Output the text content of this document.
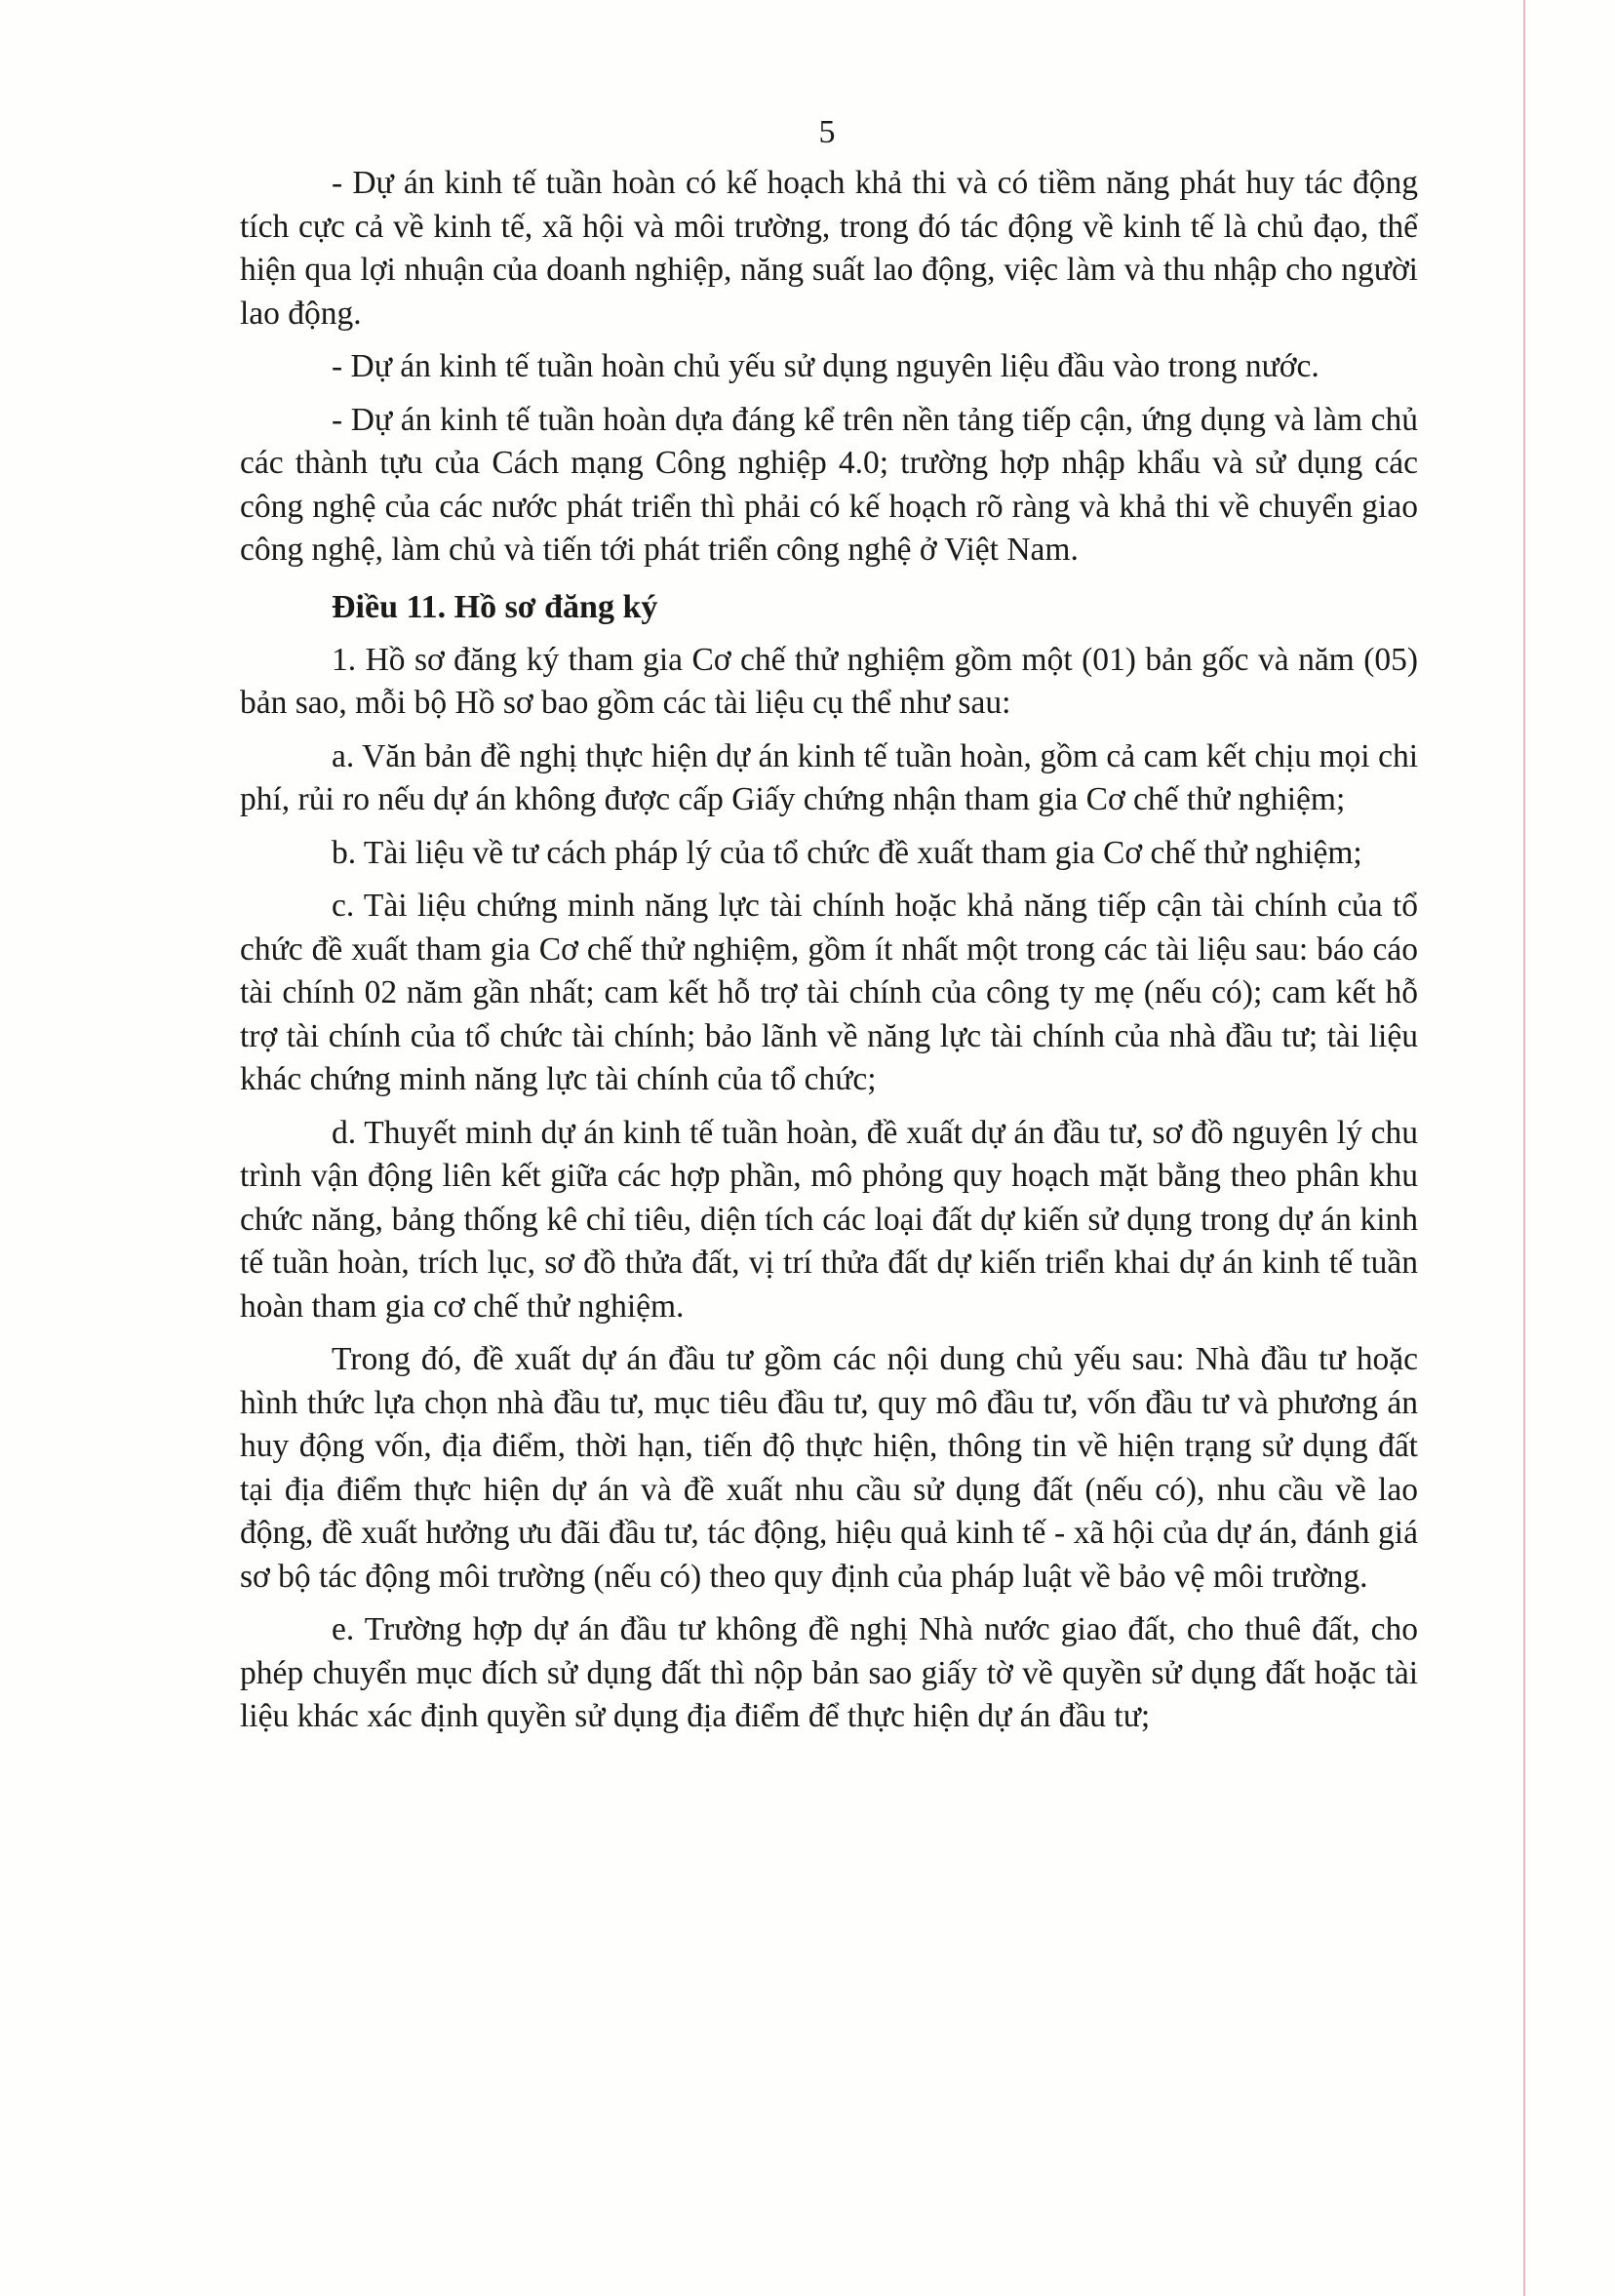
5

- Dự án kinh tế tuần hoàn có kế hoạch khả thi và có tiềm năng phát huy tác động tích cực cả về kinh tế, xã hội và môi trường, trong đó tác động về kinh tế là chủ đạo, thể hiện qua lợi nhuận của doanh nghiệp, năng suất lao động, việc làm và thu nhập cho người lao động.

- Dự án kinh tế tuần hoàn chủ yếu sử dụng nguyên liệu đầu vào trong nước.

- Dự án kinh tế tuần hoàn dựa đáng kể trên nền tảng tiếp cận, ứng dụng và làm chủ các thành tựu của Cách mạng Công nghiệp 4.0; trường hợp nhập khẩu và sử dụng các công nghệ của các nước phát triển thì phải có kế hoạch rõ ràng và khả thi về chuyển giao công nghệ, làm chủ và tiến tới phát triển công nghệ ở Việt Nam.

Điều 11. Hồ sơ đăng ký

1. Hồ sơ đăng ký tham gia Cơ chế thử nghiệm gồm một (01) bản gốc và năm (05) bản sao, mỗi bộ Hồ sơ bao gồm các tài liệu cụ thể như sau:

a. Văn bản đề nghị thực hiện dự án kinh tế tuần hoàn, gồm cả cam kết chịu mọi chi phí, rủi ro nếu dự án không được cấp Giấy chứng nhận tham gia Cơ chế thử nghiệm;

b. Tài liệu về tư cách pháp lý của tổ chức đề xuất tham gia Cơ chế thử nghiệm;

c. Tài liệu chứng minh năng lực tài chính hoặc khả năng tiếp cận tài chính của tổ chức đề xuất tham gia Cơ chế thử nghiệm, gồm ít nhất một trong các tài liệu sau: báo cáo tài chính 02 năm gần nhất; cam kết hỗ trợ tài chính của công ty mẹ (nếu có); cam kết hỗ trợ tài chính của tổ chức tài chính; bảo lãnh về năng lực tài chính của nhà đầu tư; tài liệu khác chứng minh năng lực tài chính của tổ chức;

d. Thuyết minh dự án kinh tế tuần hoàn, đề xuất dự án đầu tư, sơ đồ nguyên lý chu trình vận động liên kết giữa các hợp phần, mô phỏng quy hoạch mặt bằng theo phân khu chức năng, bảng thống kê chỉ tiêu, diện tích các loại đất dự kiến sử dụng trong dự án kinh tế tuần hoàn, trích lục, sơ đồ thửa đất, vị trí thửa đất dự kiến triển khai dự án kinh tế tuần hoàn tham gia cơ chế thử nghiệm.

Trong đó, đề xuất dự án đầu tư gồm các nội dung chủ yếu sau: Nhà đầu tư hoặc hình thức lựa chọn nhà đầu tư, mục tiêu đầu tư, quy mô đầu tư, vốn đầu tư và phương án huy động vốn, địa điểm, thời hạn, tiến độ thực hiện, thông tin về hiện trạng sử dụng đất tại địa điểm thực hiện dự án và đề xuất nhu cầu sử dụng đất (nếu có), nhu cầu về lao động, đề xuất hưởng ưu đãi đầu tư, tác động, hiệu quả kinh tế - xã hội của dự án, đánh giá sơ bộ tác động môi trường (nếu có) theo quy định của pháp luật về bảo vệ môi trường.

e. Trường hợp dự án đầu tư không đề nghị Nhà nước giao đất, cho thuê đất, cho phép chuyển mục đích sử dụng đất thì nộp bản sao giấy tờ về quyền sử dụng đất hoặc tài liệu khác xác định quyền sử dụng địa điểm để thực hiện dự án đầu tư;
